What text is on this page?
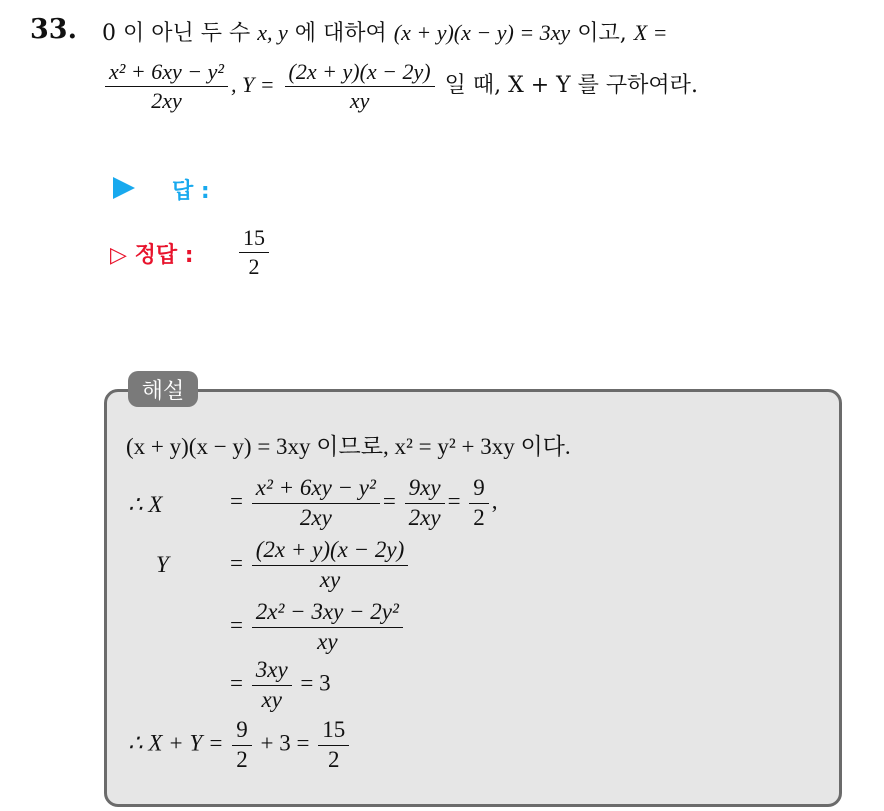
33. 0 이 아닌 두 수 x, y 에 대하여 (x + y)(x − y) = 3xy 이고, X =
$\frac{\text{x² + 6xy − y²}}{2xy}$ , $Y = \frac{(2x + y)(x - 2y)}{xy}$ 일 때, X + Y 를 구하여라.
답 :
▷ 정답 : $\frac{15}{2}$
해설
(x + y)(x − y) = 3xy 이므로, x² = y² + 3xy 이다.
∴ X	= $\frac{\text{x² + 6xy − y²}}{2xy} = \frac{9xy}{2xy} = \frac{9}{2}$ ,
Y	= $\frac{(2x + y)(x - 2y)}{xy}$
= $\frac{\text{2x² − 3xy − 2y²}}{xy}$
= $\frac{3xy}{xy} = 3$
∴ $X + Y = \frac{9}{2} + 3 = \frac{15}{2}$
